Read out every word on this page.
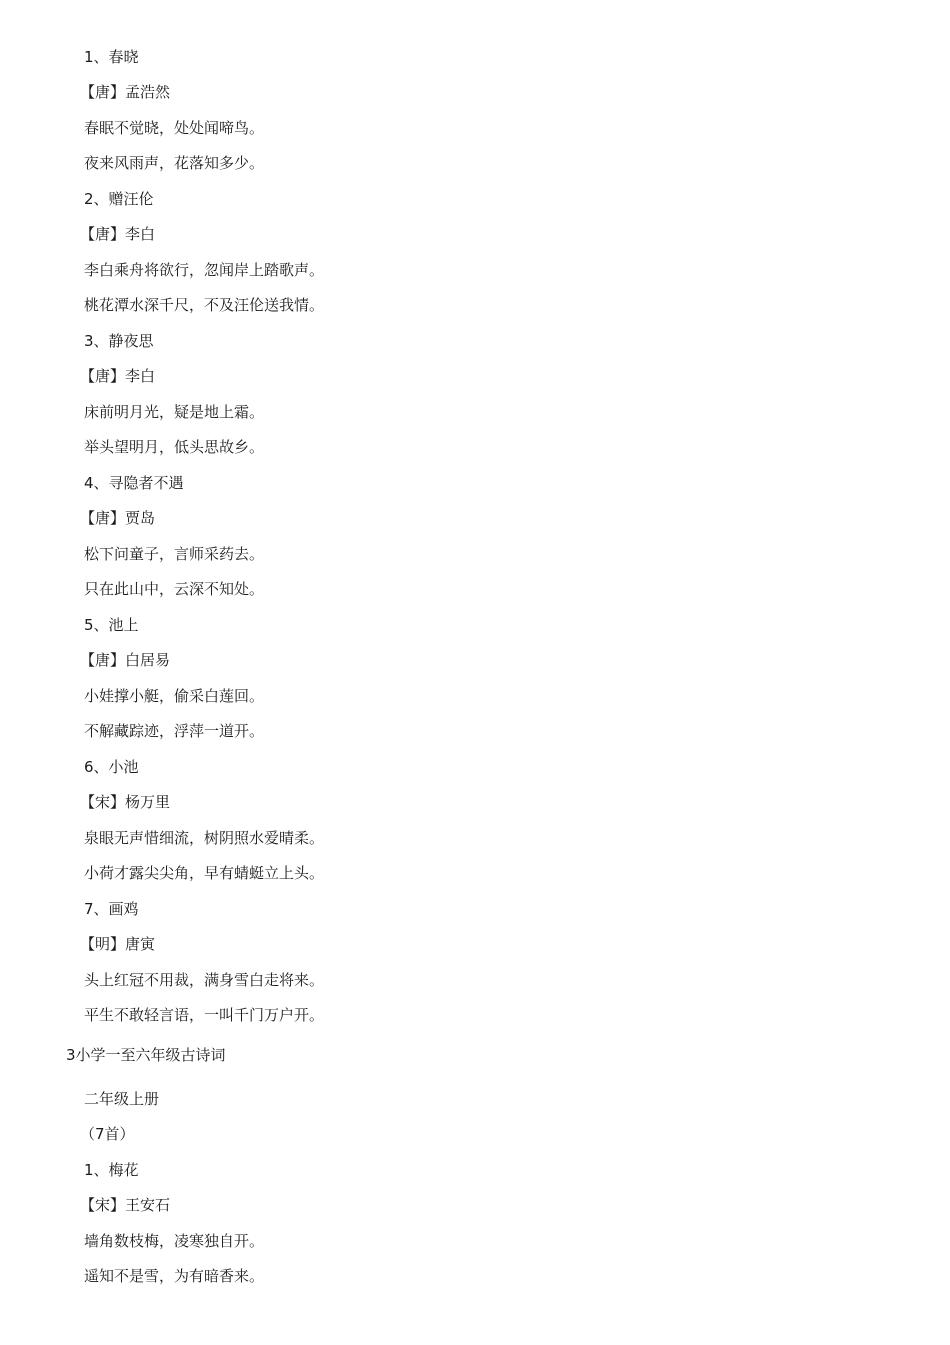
1、春晓
【唐】孟浩然
春眠不觉晓，处处闻啼鸟。
夜来风雨声，花落知多少。
2、赠汪伦
【唐】李白
李白乘舟将欲行，忽闻岸上踏歌声。
桃花潭水深千尺，不及汪伦送我情。
3、静夜思
【唐】李白
床前明月光，疑是地上霜。
举头望明月，低头思故乡。
4、寻隐者不遇
【唐】贾岛
松下问童子，言师采药去。
只在此山中，云深不知处。
5、池上
【唐】白居易
小娃撑小艇，偷采白莲回。
不解藏踪迹，浮萍一道开。
6、小池
【宋】杨万里
泉眼无声惜细流，树阴照水爱晴柔。
小荷才露尖尖角，早有蜻蜓立上头。
7、画鸡
【明】唐寅
头上红冠不用裁，满身雪白走将来。
平生不敢轻言语，一叫千门万户开。
3小学一至六年级古诗词
二年级上册
（7首）
1、梅花
【宋】王安石
墙角数枝梅，凌寒独自开。
遥知不是雪，为有暗香来。
